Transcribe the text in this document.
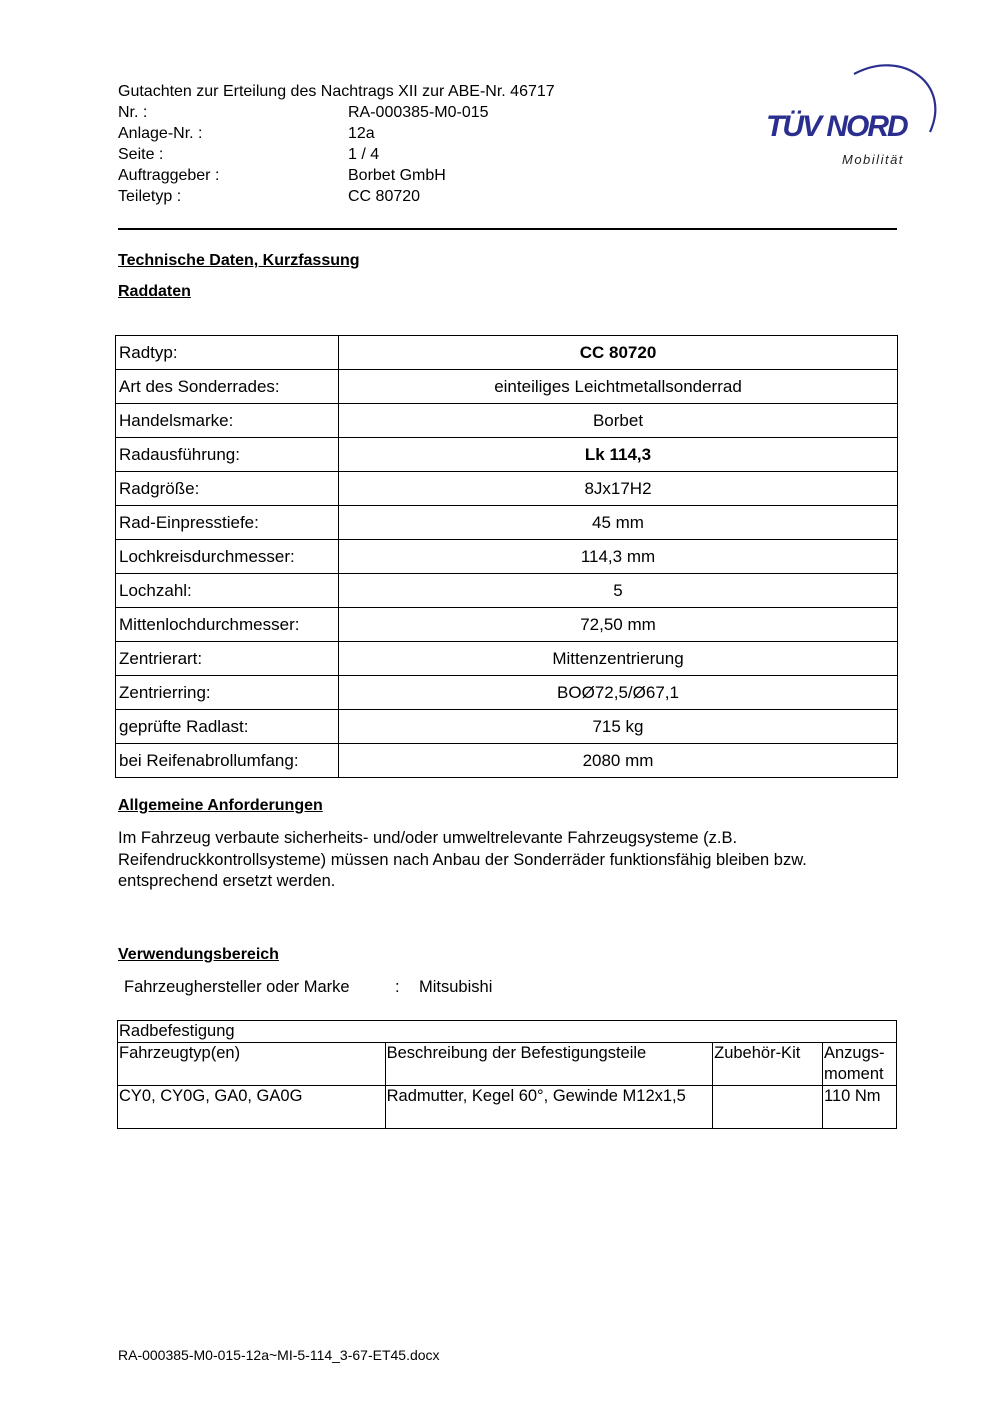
Gutachten zur Erteilung des Nachtrags XII zur ABE-Nr. 46717
Nr. :	RA-000385-M0-015
Anlage-Nr. :	12a
Seite :	1 / 4
Auftraggeber :	Borbet GmbH
Teiletyp :	CC 80720
TÜV NORD
Mobilität
Technische Daten, Kurzfassung
Raddaten
Radtyp:	CC 80720
Art des Sonderrades:	einteiliges Leichtmetallsonderrad
Handelsmarke:	Borbet
Radausführung:	Lk 114,3
Radgröße:	8Jx17H2
Rad-Einpresstiefe:	45 mm
Lochkreisdurchmesser:	114,3 mm
Lochzahl:	5
Mittenlochdurchmesser:	72,50 mm
Zentrierart:	Mittenzentrierung
Zentrierring:	BOØ72,5/Ø67,1
geprüfte Radlast:	715 kg
bei Reifenabrollumfang:	2080 mm
Allgemeine Anforderungen
Im Fahrzeug verbaute sicherheits- und/oder umweltrelevante Fahrzeugsysteme (z.B. Reifendruckkontrollsysteme) müssen nach Anbau der Sonderräder funktionsfähig bleiben bzw. entsprechend ersetzt werden.
Verwendungsbereich
Fahrzeughersteller oder Marke	: Mitsubishi
Radbefestigung			
Fahrzeugtyp(en)	Beschreibung der Befestigungsteile	Zubehör-Kit	Anzugs-
moment
CY0, CY0G, GA0, GA0G	Radmutter, Kegel 60°, Gewinde M12x1,5		110 Nm
RA-000385-M0-015-12a~MI-5-114_3-67-ET45.docx
